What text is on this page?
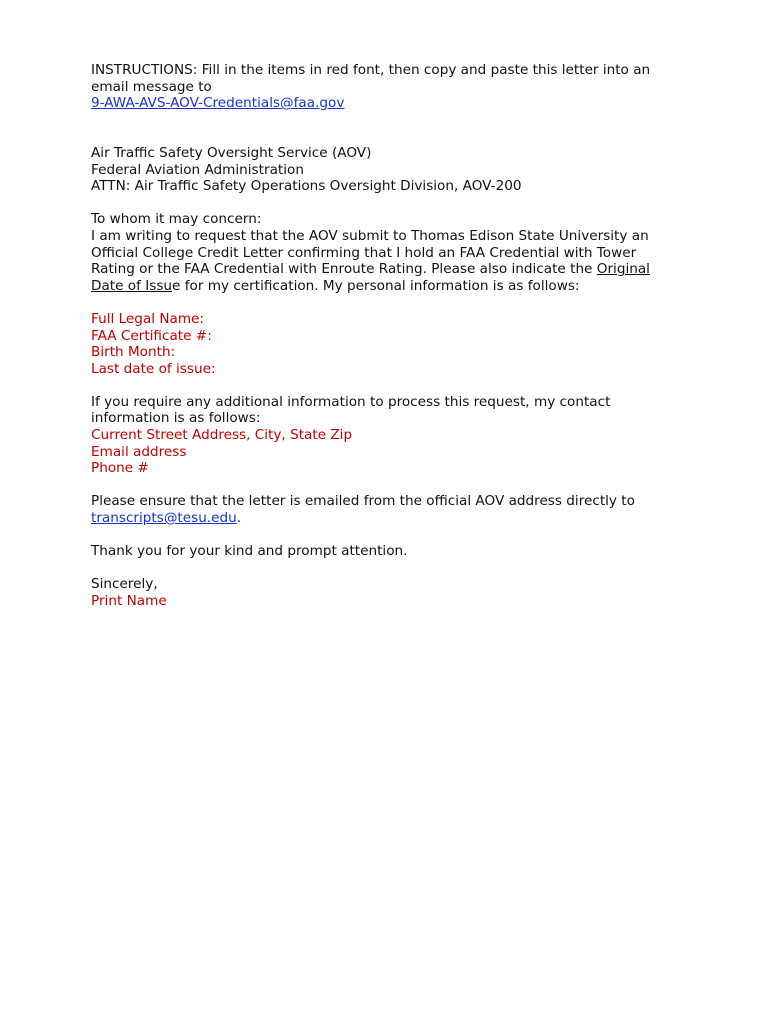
INSTRUCTIONS: Fill in the items in red font, then copy and paste this letter into an
email message to
9-AWA-AVS-AOV-Credentials@faa.gov
Air Traffic Safety Oversight Service (AOV)
Federal Aviation Administration
ATTN: Air Traffic Safety Operations Oversight Division, AOV-200
To whom it may concern:
I am writing to request that the AOV submit to Thomas Edison State University an
Official College Credit Letter confirming that I hold an FAA Credential with Tower
Rating or the FAA Credential with Enroute Rating. Please also indicate the Original
Date of Issue for my certification. My personal information is as follows:
Full Legal Name:
FAA Certificate #:
Birth Month:
Last date of issue:
If you require any additional information to process this request, my contact
information is as follows:
Current Street Address, City, State Zip
Email address
Phone #
Please ensure that the letter is emailed from the official AOV address directly to
transcripts@tesu.edu.
Thank you for your kind and prompt attention.
Sincerely,
Print Name
